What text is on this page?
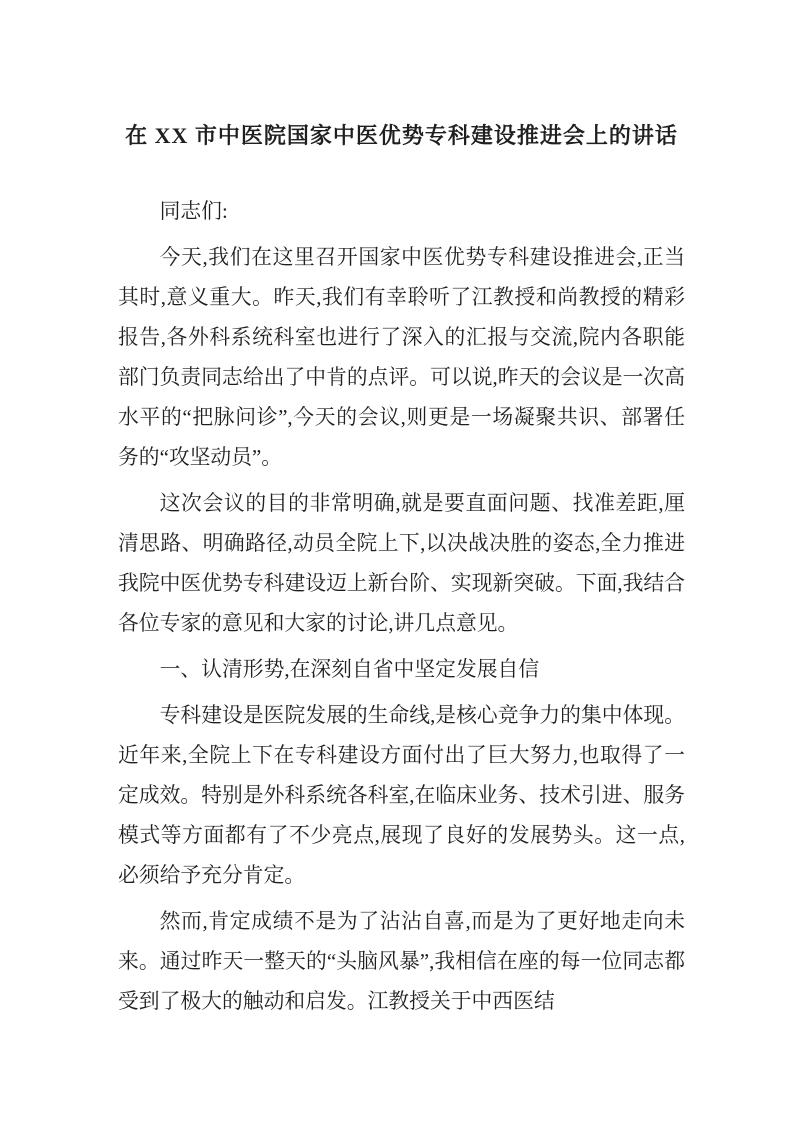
在 XX 市中医院国家中医优势专科建设推进会上的讲话

同志们:

今天,我们在这里召开国家中医优势专科建设推进会,正当其时,意义重大。昨天,我们有幸聆听了江教授和尚教授的精彩报告,各外科系统科室也进行了深入的汇报与交流,院内各职能部门负责同志给出了中肯的点评。可以说,昨天的会议是一次高水平的“把脉问诊”,今天的会议,则更是一场凝聚共识、部署任务的“攻坚动员”。

这次会议的目的非常明确,就是要直面问题、找准差距,厘清思路、明确路径,动员全院上下,以决战决胜的姿态,全力推进我院中医优势专科建设迈上新台阶、实现新突破。下面,我结合各位专家的意见和大家的讨论,讲几点意见。

一、认清形势,在深刻自省中坚定发展自信

专科建设是医院发展的生命线,是核心竞争力的集中体现。近年来,全院上下在专科建设方面付出了巨大努力,也取得了一定成效。特别是外科系统各科室,在临床业务、技术引进、服务模式等方面都有了不少亮点,展现了良好的发展势头。这一点,必须给予充分肯定。

然而,肯定成绩不是为了沾沾自喜,而是为了更好地走向未来。通过昨天一整天的“头脑风暴”,我相信在座的每一位同志都受到了极大的触动和启发。江教授关于中西医结
